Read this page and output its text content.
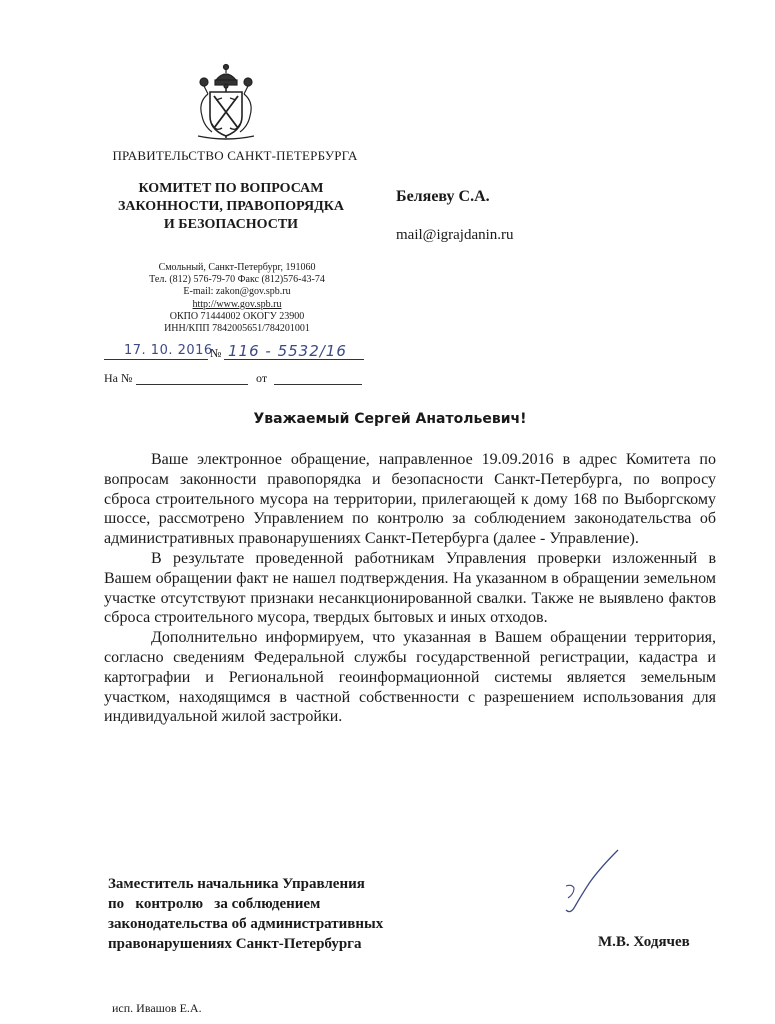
ПРАВИТЕЛЬСТВО САНКТ-ПЕТЕРБУРГА
КОМИТЕТ ПО ВОПРОСАМ
ЗАКОННОСТИ, ПРАВОПОРЯДКА
И БЕЗОПАСНОСТИ
Смольный, Санкт-Петербург, 191060
Тел. (812) 576-79-70 Факс (812)576-43-74
E-mail: zakon@gov.spb.ru
http://www.gov.spb.ru
ОКПО 71444002 ОКОГУ 23900
ИНН/КПП 7842005651/784201001
17. 10. 2016
№ 116 - 5532/16
На №	от
Беляеву С.А.
mail@igrajdanin.ru
Уважаемый Сергей Анатольевич!

Ваше электронное обращение, направленное 19.09.2016 в адрес Комитета по вопросам законности правопорядка и безопасности Санкт-Петербурга, по вопросу сброса строительного мусора на территории, прилегающей к дому 168 по Выборгскому шоссе, рассмотрено Управлением по контролю за соблюдением законодательства об административных правонарушениях Санкт-Петербурга (далее - Управление).

В результате проведенной работникам Управления проверки изложенный в Вашем обращении факт не нашел подтверждения. На указанном в обращении земельном участке отсутствуют признаки несанкционированной свалки. Также не выявлено фактов сброса строительного мусора, твердых бытовых и иных отходов.

Дополнительно информируем, что указанная в Вашем обращении территория, согласно сведениям Федеральной службы государственной регистрации, кадастра и картографии и Региональной геоинформационной системы является земельным участком, находящимся в частной собственности с разрешением использования для индивидуальной жилой застройки.

Заместитель начальника Управления
по   контролю   за соблюдением
законодательства об административных
правонарушениях Санкт-Петербурга	М.В. Ходячев
исп. Ивашов Е.А.
